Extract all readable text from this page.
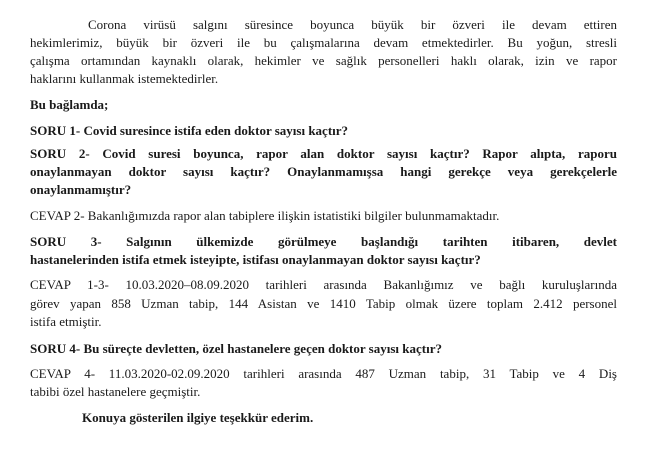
Corona virüsü salgını süresince boyunca büyük bir özveri ile devam ettiren
hekimlerimiz, büyük bir özveri ile bu çalışmalarına devam etmektedirler. Bu yoğun, stresli
çalışma ortamından kaynaklı olarak, hekimler ve sağlık personelleri haklı olarak, izin ve rapor
haklarını kullanmak istemektedirler.
Bu bağlamda;
SORU 1- Covid suresince istifa eden doktor sayısı kaçtır?
SORU 2- Covid suresi boyunca, rapor alan doktor sayısı kaçtır? Rapor alıpta, raporu
onaylanmayan doktor sayısı kaçtır? Onaylanmamışsa hangi gerekçe veya gerekçelerle
onaylanmamıştır?
CEVAP 2- Bakanlığımızda rapor alan tabiplere ilişkin istatistiki bilgiler bulunmamaktadır.
SORU 3- Salgının ülkemizde görülmeye başlandığı tarihten itibaren, devlet
hastanelerinden istifa etmek isteyipte, istifası onaylanmayan doktor sayısı kaçtır?
CEVAP 1-3- 10.03.2020–08.09.2020 tarihleri arasında Bakanlığımız ve bağlı kuruluşlarında
görev yapan 858 Uzman tabip, 144 Asistan ve 1410 Tabip olmak üzere toplam 2.412 personel
istifa etmiştir.
SORU 4- Bu süreçte devletten, özel hastanelere geçen doktor sayısı kaçtır?
CEVAP 4- 11.03.2020-02.09.2020 tarihleri arasında 487 Uzman tabip, 31 Tabip ve 4 Diş
tabibi özel hastanelere geçmiştir.
Konuya gösterilen ilgiye teşekkür ederim.
